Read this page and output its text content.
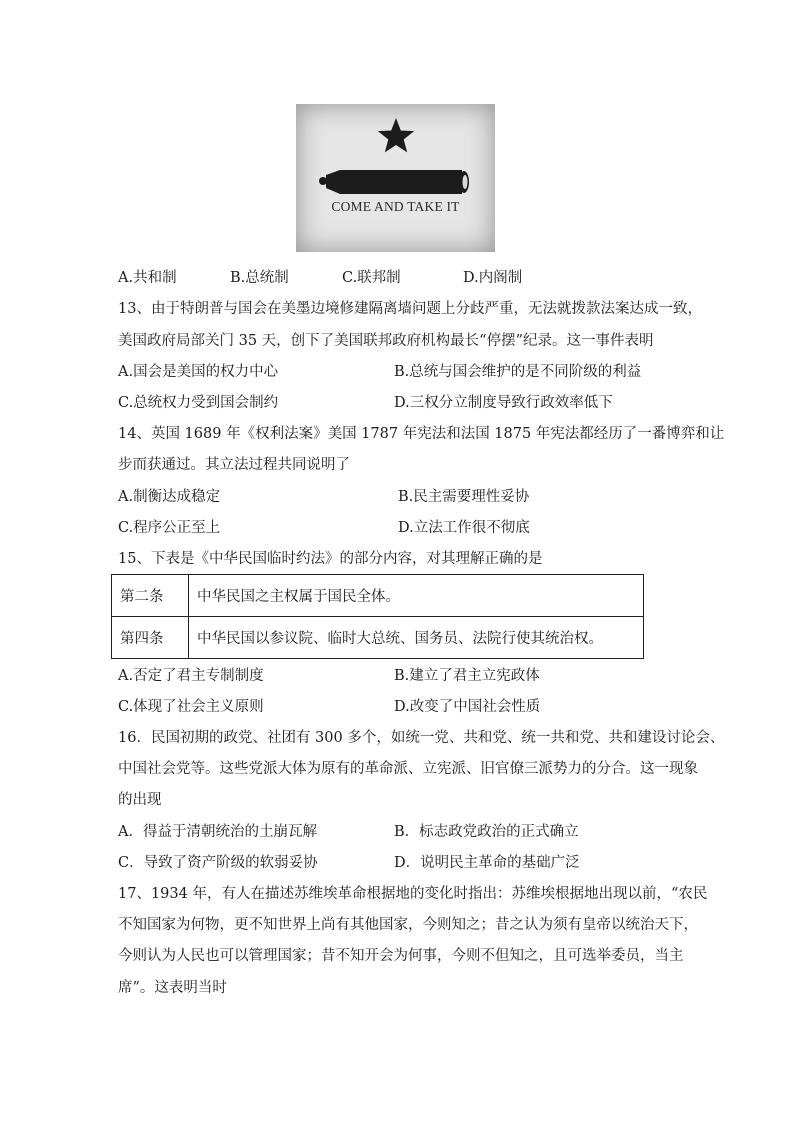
COME AND TAKE IT
A.共和制	B.总统制	C.联邦制	D.内阁制
13、由于特朗普与国会在美墨边境修建隔离墙问题上分歧严重，无法就拨款法案达成一致，
美国政府局部关门 35 天，创下了美国联邦政府机构最长“停摆”纪录。这一事件表明
A.国会是美国的权力中心	B.总统与国会维护的是不同阶级的利益
C.总统权力受到国会制约	D.三权分立制度导致行政效率低下
14、英国 1689 年《权利法案》美国 1787 年宪法和法国 1875 年宪法都经历了一番博弈和让
步而获通过。其立法过程共同说明了
A.制衡达成稳定	B.民主需要理性妥协
C.程序公正至上	D.立法工作很不彻底
15、下表是《中华民国临时约法》的部分内容，对其理解正确的是
第二条	中华民国之主权属于国民全体。
第四条	中华民国以参议院、临时大总统、国务员、法院行使其统治权。
A.否定了君主专制制度	B.建立了君主立宪政体
C.体现了社会主义原则	D.改变了中国社会性质
16．民国初期的政党、社团有 300 多个，如统一党、共和党、统一共和党、共和建设讨论会、
中国社会党等。这些党派大体为原有的革命派、立宪派、旧官僚三派势力的分合。这一现象
的出现
A．得益于清朝统治的土崩瓦解	B．标志政党政治的正式确立
C．导致了资产阶级的软弱妥协	D．说明民主革命的基础广泛
17、1934 年，有人在描述苏维埃革命根据地的变化时指出：苏维埃根据地出现以前，“农民
不知国家为何物，更不知世界上尚有其他国家，今则知之；昔之认为须有皇帝以统治天下，
今则认为人民也可以管理国家；昔不知开会为何事，今则不但知之，且可选举委员，当主
席”。这表明当时
